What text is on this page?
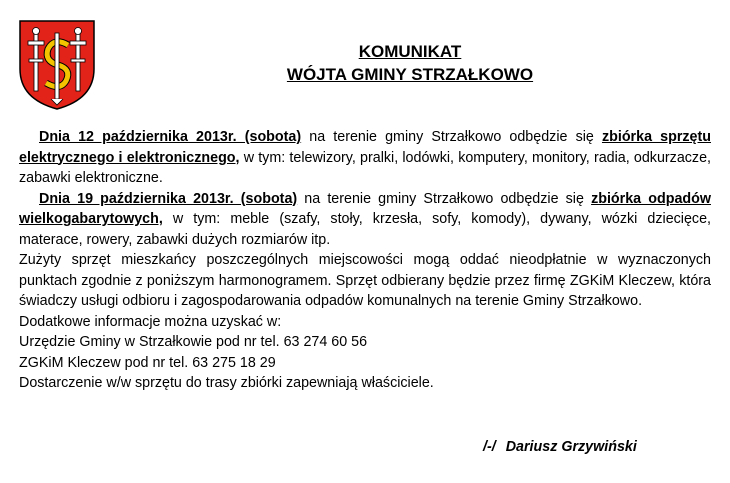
KOMUNIKAT
WÓJTA GMINY STRZAŁKOWO

Dnia 12 października 2013r. (sobota) na terenie gminy Strzałkowo odbędzie się zbiórka sprzętu elektrycznego i elektronicznego, w tym: telewizory, pralki, lodówki, komputery, monitory, radia, odkurzacze, zabawki elektroniczne.

Dnia 19 października 2013r. (sobota) na terenie gminy Strzałkowo odbędzie się zbiórka odpadów wielkogabarytowych, w tym: meble (szafy, stoły, krzesła, sofy, komody), dywany, wózki dziecięce, materace, rowery, zabawki dużych rozmiarów itp.

Zużyty sprzęt mieszkańcy poszczególnych miejscowości mogą oddać nieodpłatnie w wyznaczonych punktach zgodnie z poniższym harmonogramem. Sprzęt odbierany będzie przez firmę ZGKiM Kleczew, która świadczy usługi odbioru i zagospodarowania odpadów komunalnych na terenie Gminy Strzałkowo.

Dodatkowe informacje można uzyskać w:

Urzędzie Gminy w Strzałkowie pod nr tel. 63 274 60 56

ZGKiM Kleczew pod nr tel. 63 275 18 29

Dostarczenie w/w sprzętu do trasy zbiórki zapewniają właściciele.

/-/ Dariusz Grzywiński
